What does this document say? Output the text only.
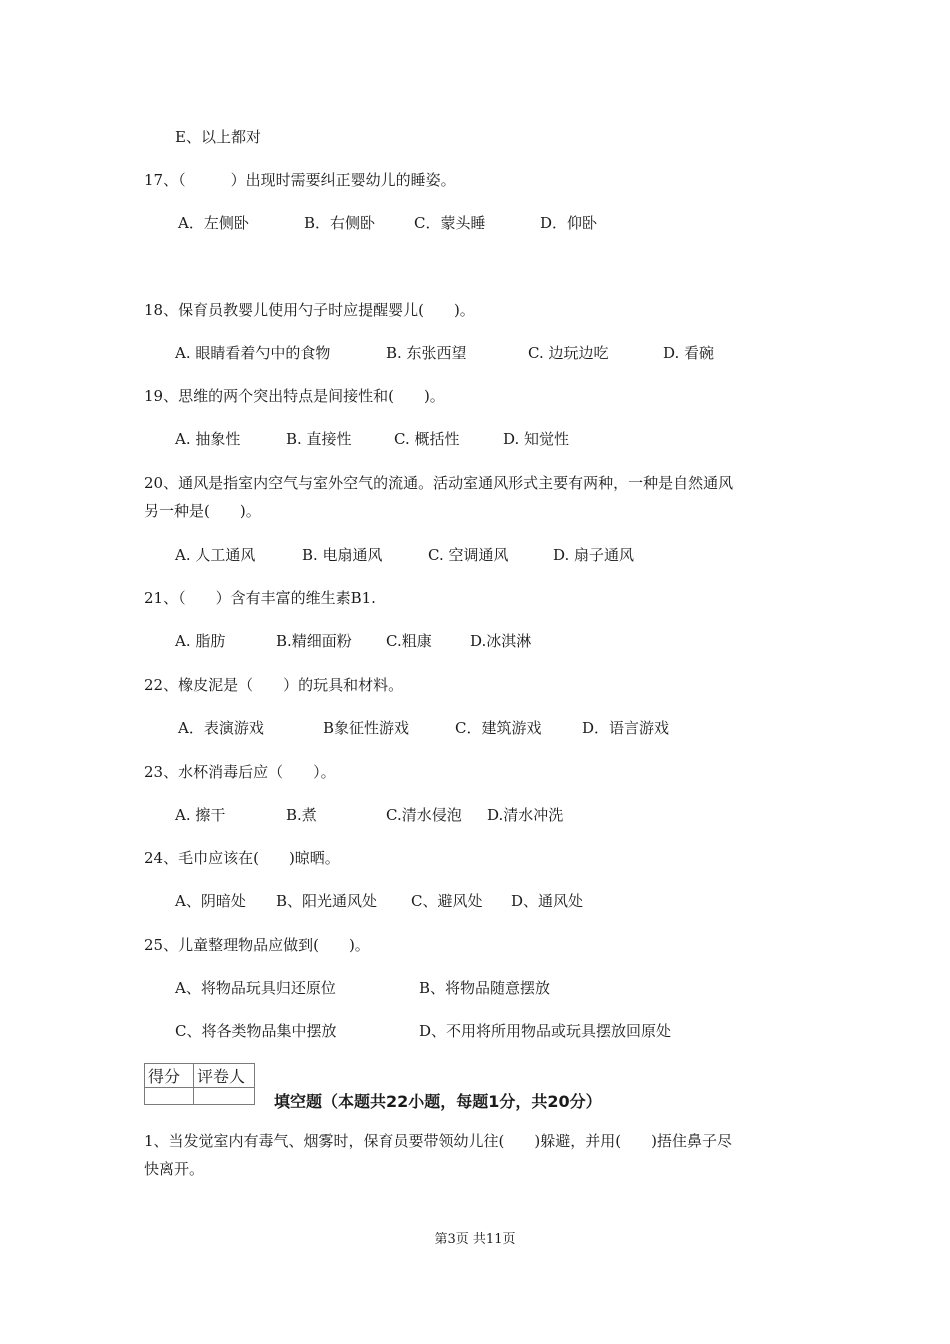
E、以上都对
17、（　　　）出现时需要纠正婴幼儿的睡姿。
A．左侧卧	B．右侧卧	C．蒙头睡	D．仰卧
18、保育员教婴儿使用勺子时应提醒婴儿(　　)。
A. 眼睛看着勺中的食物	B. 东张西望	C. 边玩边吃	D. 看碗
19、思维的两个突出特点是间接性和(　　)。
A. 抽象性	B. 直接性	C. 概括性	D. 知觉性
20、通风是指室内空气与室外空气的流通。活动室通风形式主要有两种，一种是自然通风
另一种是(　　)。
A. 人工通风	B. 电扇通风	C. 空调通风	D. 扇子通风
21、（　　）含有丰富的维生素B1.
A. 脂肪	B.精细面粉 C.粗康	D.冰淇淋
22、橡皮泥是（　　）的玩具和材料。
A．表演游戏	B象征性游戏	C．建筑游戏	D．语言游戏
23、水杯消毒后应（　　）。
A. 擦干	B.煮	C.清水侵泡 D.清水冲洗
24、毛巾应该在(　　)晾晒。
A、阴暗处 B、阳光通风处 C、避风处 D、通风处
25、儿童整理物品应做到(　　)。
A、将物品玩具归还原位	B、将物品随意摆放
C、将各类物品集中摆放	D、不用将所用物品或玩具摆放回原处
得分	评卷人

填空题（本题共22小题，每题1分，共20分）
1、当发觉室内有毒气、烟雾时，保育员要带领幼儿往(　　)躲避，并用(　　)捂住鼻子尽
快离开。
第3页 共11页
